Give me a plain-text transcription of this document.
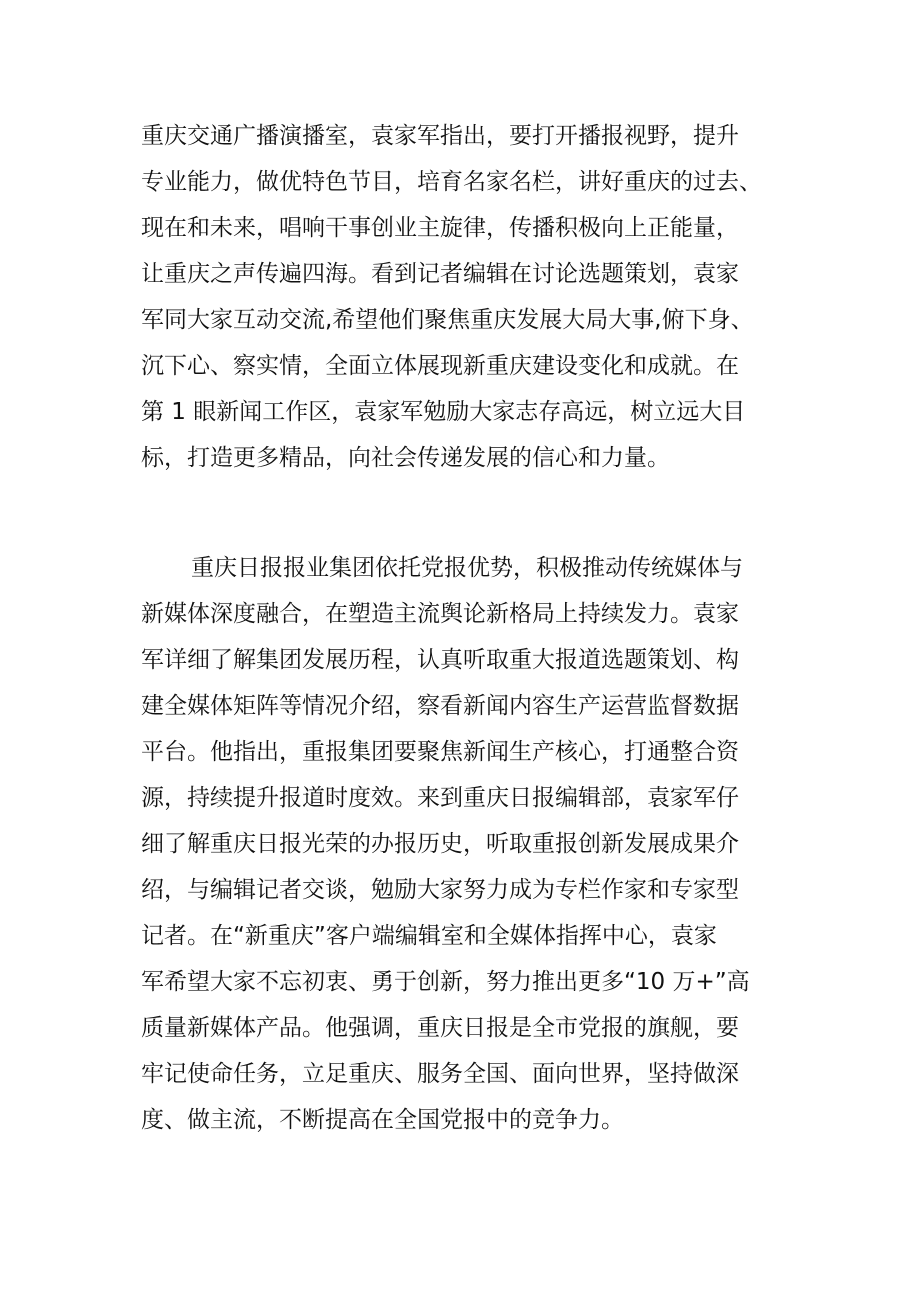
重庆交通广播演播室，袁家军指出，要打开播报视野，提升
专业能力，做优特色节目，培育名家名栏，讲好重庆的过去、
现在和未来，唱响干事创业主旋律，传播积极向上正能量，
让重庆之声传遍四海。看到记者编辑在讨论选题策划，袁家
军同大家互动交流,希望他们聚焦重庆发展大局大事,俯下身、
沉下心、察实情，全面立体展现新重庆建设变化和成就。在
第 1 眼新闻工作区，袁家军勉励大家志存高远，树立远大目
标，打造更多精品，向社会传递发展的信心和力量。
重庆日报报业集团依托党报优势，积极推动传统媒体与
新媒体深度融合，在塑造主流舆论新格局上持续发力。袁家
军详细了解集团发展历程，认真听取重大报道选题策划、构
建全媒体矩阵等情况介绍，察看新闻内容生产运营监督数据
平台。他指出，重报集团要聚焦新闻生产核心，打通整合资
源，持续提升报道时度效。来到重庆日报编辑部，袁家军仔
细了解重庆日报光荣的办报历史，听取重报创新发展成果介
绍，与编辑记者交谈，勉励大家努力成为专栏作家和专家型
记者。在“新重庆”客户端编辑室和全媒体指挥中心，袁家
军希望大家不忘初衷、勇于创新，努力推出更多“10 万+”高
质量新媒体产品。他强调，重庆日报是全市党报的旗舰，要
牢记使命任务，立足重庆、服务全国、面向世界，坚持做深
度、做主流，不断提高在全国党报中的竞争力。
